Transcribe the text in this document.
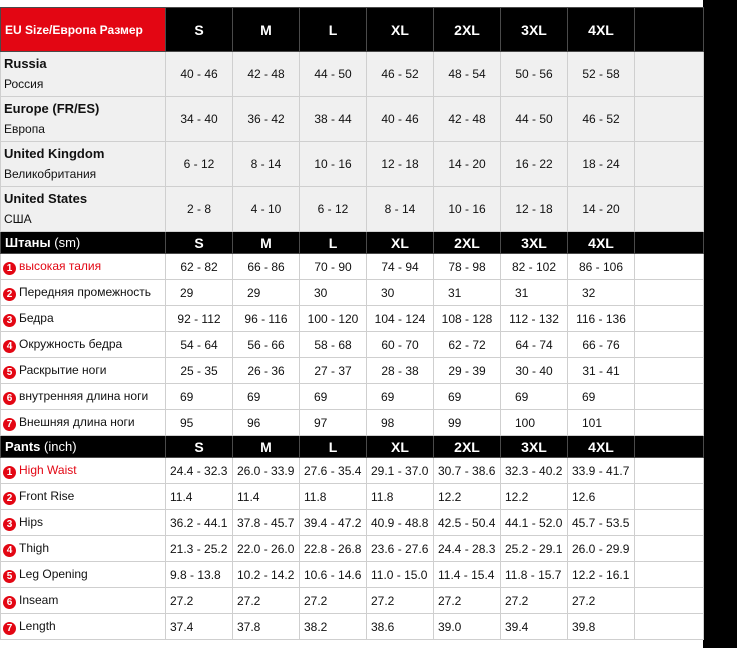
EU Size/Европа Размер	S	M	L	XL	2XL	3XL	4XL	

Russia
Россия	40 - 46	42 - 48	44 - 50	46 - 52	48 - 54	50 - 56	52 - 58	

Europe (FR/ES)
Европа	34 - 40	36 - 42	38 - 44	40 - 46	42 - 48	44 - 50	46 - 52	

United Kingdom
Великобритания	6 - 12	8 - 14	10 - 16	12 - 18	14 - 20	16 - 22	18 - 24	

United States
США	2 - 8	4 - 10	6 - 12	8 - 14	10 - 16	12 - 18	14 - 20	
Штаны (sm)	S	M	L	XL	2XL	3XL	4XL	
1 высокая талия	62 - 82	66 - 86	70 - 90	74 - 94	78 - 98	82 - 102	86 - 106	
2 Передняя промежность	29	29	30	30	31	31	32	
3 Бедра	92 - 112	96 - 116	100 - 120	104 - 124	108 - 128	112 - 132	116 - 136	
4 Окружность бедра	54 - 64	56 - 66	58 - 68	60 - 70	62 - 72	64 - 74	66 - 76	
5 Раскрытие ноги	25 - 35	26 - 36	27 - 37	28 - 38	29 - 39	30 - 40	31 - 41	
6 внутренняя длина ноги	69	69	69	69	69	69	69	
7 Внешняя длина ноги	95	96	97	98	99	100	101	
Pants (inch)	S	M	L	XL	2XL	3XL	4XL	
1 High Waist	24.4 - 32.3	26.0 - 33.9	27.6 - 35.4	29.1 - 37.0	30.7 - 38.6	32.3 - 40.2	33.9 - 41.7	
2 Front Rise	11.4	11.4	11.8	11.8	12.2	12.2	12.6	
3 Hips	36.2 - 44.1	37.8 - 45.7	39.4 - 47.2	40.9 - 48.8	42.5 - 50.4	44.1 - 52.0	45.7 - 53.5	
4 Thigh	21.3 - 25.2	22.0 - 26.0	22.8 - 26.8	23.6 - 27.6	24.4 - 28.3	25.2 - 29.1	26.0 - 29.9	
5 Leg Opening	9.8 - 13.8	10.2 - 14.2	10.6 - 14.6	11.0 - 15.0	11.4 - 15.4	11.8 - 15.7	12.2 - 16.1	
6 Inseam	27.2	27.2	27.2	27.2	27.2	27.2	27.2	
7 Length	37.4	37.8	38.2	38.6	39.0	39.4	39.8	
